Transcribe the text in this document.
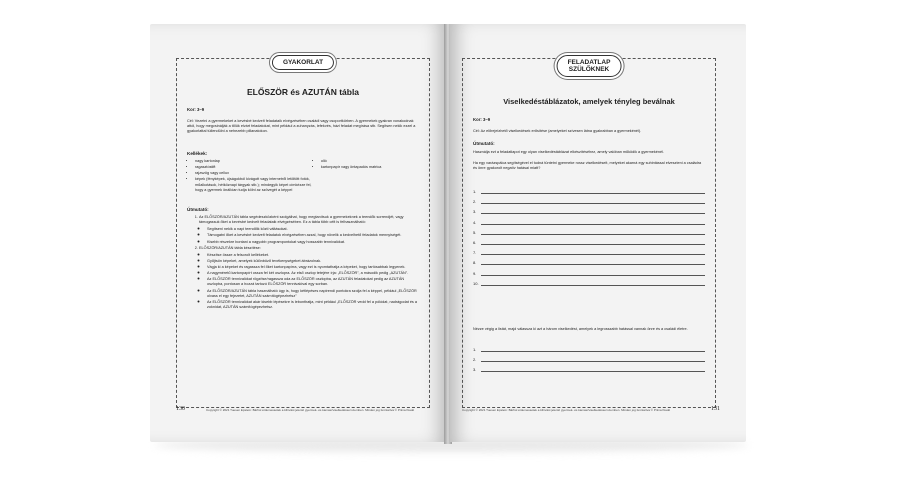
GYAKORLAT
ELŐSZÖR és AZUTÁN tábla
Kor: 3–9
Cél: Vezetni a gyermekeket a kevésbé kedvelt feladataik elvégzésében családi vagy csoportkörben. A gyermekek gyakran vonakodnak attól, hogy megcsinálják a tőlük elvárt feladatokat, mint például a zuhanyzás, lefekvés, házi feladat megírása stb. Segítsen nekik ezzel a gyakorlattal túllendülni a nehezebb pillanatokon.
Kellékek:
• nagy kartonlap
• ragasztóstift
• rajzszög vagy cellux
• képek (fényképek, újságokból kivágott vagy internetről letöltött fotók, műalkotások, hétköznapi tárgyak stb.); mindegyik képet címkézze fel, hogy a gyermek önállóan tudja kölni az szövegét a képpel
• olló
• kartonpapír vagy öntapadós matrica
Útmutató:
1. Az ELŐSZÖR/AZUTÁN tábla segédeszközként szolgálhat, hogy megtanítsuk a gyermekeknek a teendők sorrendjét, vagy támogassuk őket a kevésbé kedvelt feladataik elvégzésében. Ez a tábla több célt is felhasználható:
◦ Segítseni nekik a napi teendőik közti váltásokat.
◦ Támogatni őket a kevésbé kedvelt feladatok elvégzésében azzal, hogy növelik a kedvelhető feladatok mennyiségét.
◦ Kisebb részekre bontani a nagyobb programpontokat vagy hosszabb tennivalókat.
2. ELŐSZÖR/AZUTÁN tábla készítése:
◦ Készítse össze a felsorolt kellékeket.
◦ Gyűjtsön képeket, amelyek különböző tevékenységeket ábrázolnak.
◦ Vágja ki a képeket és ragassza fel őket kartonpapírra, vagy ezt is nyomtathatja a képeket, hogy tartósabbak legyenek.
◦ A nagyméretű kartonpapírt ossza fel két oszlopra. Az első oszlop tetejére írja: „ELŐSZÖR”, a második pedig „AZUTÁN”.
◦ Az ELŐSZÖR tennivalókat rögzítse/ragassza oda az ELŐSZÖR oszlopba, az AZUTÁN feladatokat pedig az AZUTÁN oszlopba, pontosan a hozzá tartozó ELŐSZÖR tennivalóval egy sorban.
◦ Az ELŐSZÖR/AZUTÁN tábla használható úgy is, hogy kétlépéses napirendi pontokra szolja fel a képpel, például „ELŐSZÖR olvass el egy fejezetet, AZUTÁN számítógépezhetsz”
◦ Az ELŐSZÖR tennivalókat akár kisebb lépésekre is lebonthatja, mint például „ELŐSZÖR vedd fel a pólódat, nadrágodat és a zoknidat, AZUTÁN számítógépezhetsz.
130	Copyright © 2021 Tuesen Epstein: Bárhol érdemessétek a kihívást jelentő gyermek- és kamaszviselkedéssel szemben. Minden jog fenntartva © Prima Kiadó
FELADATLAP
SZÜLŐKNEK
Viselkedéstáblázatok, amelyek tényleg beválnak
Kor: 3–9
Cél: Az előrejelzhető viselkedések erősítése (amelyeket szívesen látna gyakrabban a gyermekénél).
Útmutató:
Használja ezt a feladatlapot egy olyan viselkedéstáblázat elkészítéséhez, amely valóban működik a gyermekénél.
Ha egy varázspálca segítségével el tudná tüntetni gyermeke rossz viselkedéseit, melyeket akarná egy suhintással elveszteni a családra és önre gyakorolt negatív hatásai miatt?
1.
2.
3.
4.
5.
6.
7.
8.
9.
10.
Nézze végig a listát, majd válassza ki azt a három viselkedést, amelyek a legrosszabb hatással vannak önre és a családi életre.
1.
2.
3.
131
Copyright © 2021 Tuesen Epstein: Bárhol érdemessétek a kihívást jelentő gyermek- és kamaszviselkedéssel szemben. Minden jog fenntartva © Prima Kiadó
